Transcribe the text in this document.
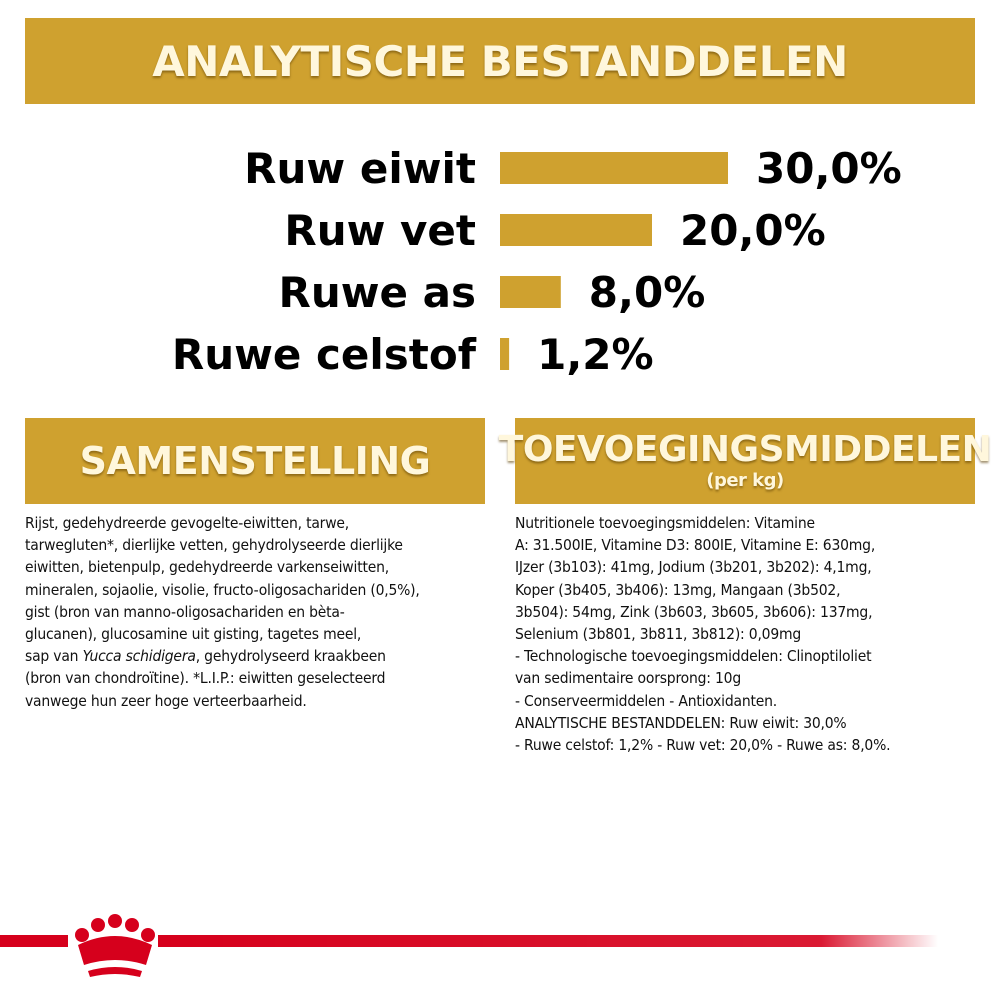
ANALYTISCHE BESTANDDELEN
Ruw eiwit	30,0%
Ruw vet	20,0%
Ruwe as	8,0%
Ruwe celstof 1,2%
SAMENSTELLING TOEVOEGINGSMIDDELEN
(per kg)
Rijst, gedehydreerde gevogelte-eiwitten, tarwe,
tarwegluten*, dierlijke vetten, gehydrolyseerde dierlijke
eiwitten, bietenpulp, gedehydreerde varkenseiwitten,
mineralen, sojaolie, visolie, fructo-oligosachariden (0,5%),
gist (bron van manno-oligosachariden en bèta-
glucanen), glucosamine uit gisting, tagetes meel,
sap van Yucca schidigera, gehydrolyseerd kraakbeen
(bron van chondroïtine). *L.I.P.: eiwitten geselecteerd
vanwege hun zeer hoge verteerbaarheid.
Nutritionele toevoegingsmiddelen: Vitamine
A: 31.500IE, Vitamine D3: 800IE, Vitamine E: 630mg,
IJzer (3b103): 41mg, Jodium (3b201, 3b202): 4,1mg,
Koper (3b405, 3b406): 13mg, Mangaan (3b502,
3b504): 54mg, Zink (3b603, 3b605, 3b606): 137mg,
Selenium (3b801, 3b811, 3b812): 0,09mg
- Technologische toevoegingsmiddelen: Clinoptiloliet
van sedimentaire oorsprong: 10g
- Conserveermiddelen - Antioxidanten.
ANALYTISCHE BESTANDDELEN: Ruw eiwit: 30,0%
- Ruwe celstof: 1,2% - Ruw vet: 20,0% - Ruwe as: 8,0%.
